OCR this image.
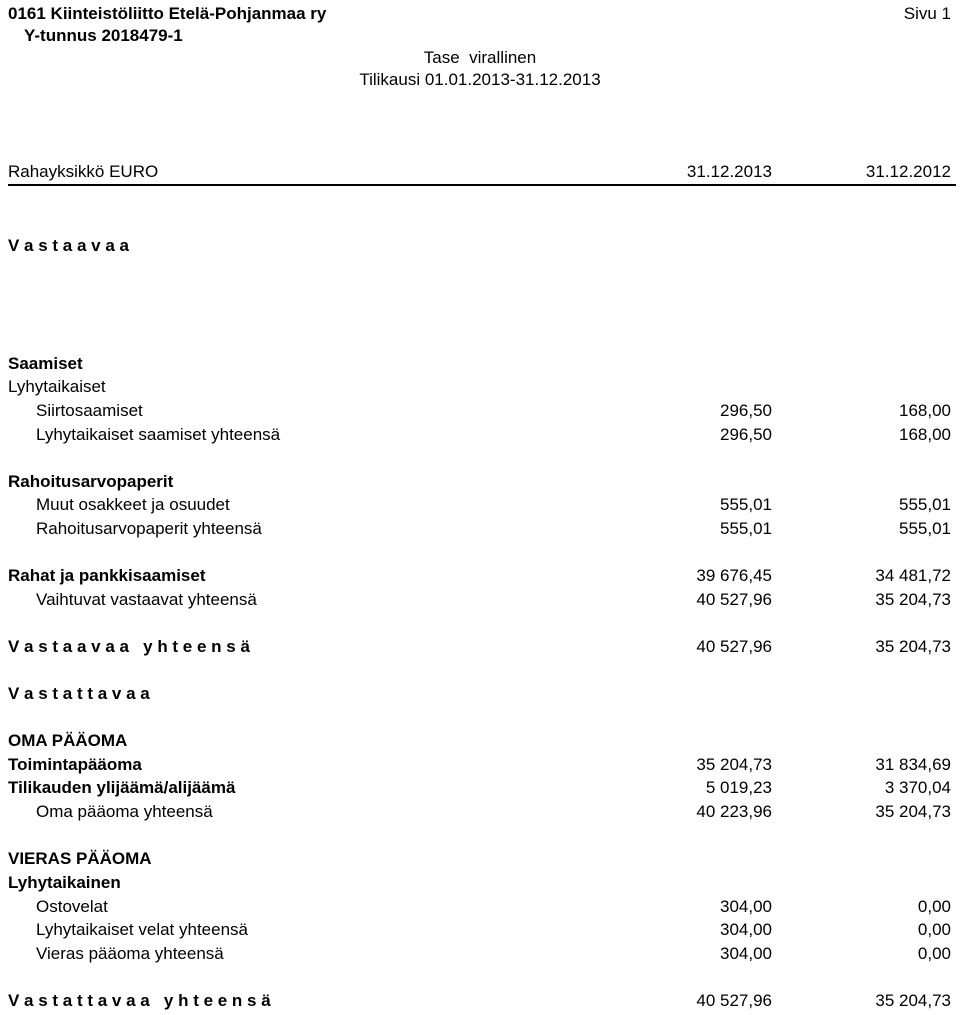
0161 Kiinteistöliitto Etelä-Pohjanmaa ry
Y-tunnus 2018479-1
Sivu 1
Tase  virallinen
Tilikausi 01.01.2013-31.12.2013
Rahayksikkö EURO	31.12.2013	31.12.2012
V a s t a a v a a
Saamiset
Lyhytaikaiset
Siirtosaamiset	296,50	168,00
Lyhytaikaiset saamiset yhteensä	296,50	168,00
Rahoitusarvopaperit
Muut osakkeet ja osuudet	555,01	555,01
Rahoitusarvopaperit yhteensä	555,01	555,01
Rahat ja pankkisaamiset	39 676,45	34 481,72
Vaihtuvat vastaavat yhteensä	40 527,96	35 204,73
V a s t a a v a a   y h t e e n s ä	40 527,96	35 204,73
V a s t a t t a v a a
OMA PÄÄOMA
Toimintapääoma	35 204,73	31 834,69
Tilikauden ylijäämä/alijäämä	5 019,23	3 370,04
Oma pääoma yhteensä	40 223,96	35 204,73
VIERAS PÄÄOMA
Lyhytaikainen
Ostovelat	304,00	0,00
Lyhytaikaiset velat yhteensä	304,00	0,00
Vieras pääoma yhteensä	304,00	0,00
V a s t a t t a v a a   y h t e e n s ä	40 527,96	35 204,73
